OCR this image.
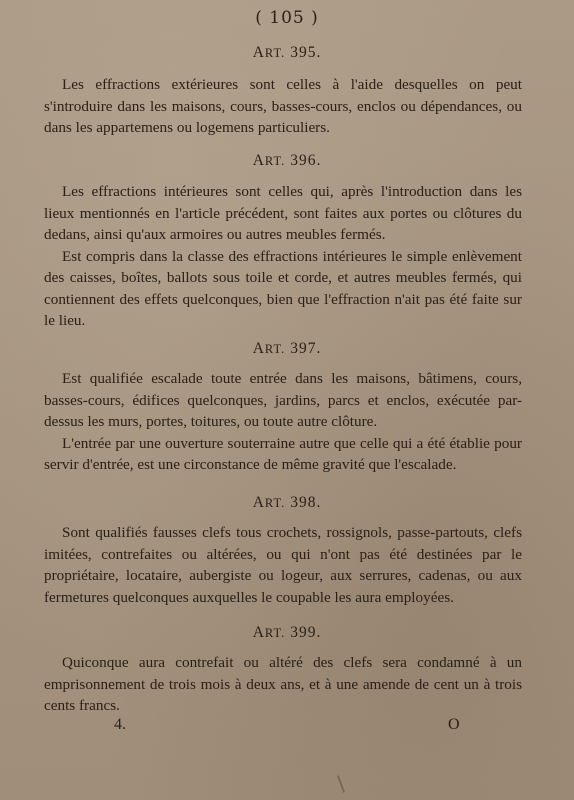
( 105 )
ART. 395.

Les effractions extérieures sont celles à l'aide desquelles on peut s'introduire dans les maisons, cours, basses-cours, enclos ou dépendances, ou dans les appartemens ou logemens particuliers.

ART. 396.

Les effractions intérieures sont celles qui, après l'introduction dans les lieux mentionnés en l'article précédent, sont faites aux portes ou clôtures du dedans, ainsi qu'aux armoires ou autres meubles fermés.

Est compris dans la classe des effractions intérieures le simple enlèvement des caisses, boîtes, ballots sous toile et corde, et autres meubles fermés, qui contiennent des effets quelconques, bien que l'effraction n'ait pas été faite sur le lieu.

ART. 397.

Est qualifiée escalade toute entrée dans les maisons, bâtimens, cours, basses-cours, édifices quelconques, jardins, parcs et enclos, exécutée par-dessus les murs, portes, toitures, ou toute autre clôture.

L'entrée par une ouverture souterraine autre que celle qui a été établie pour servir d'entrée, est une circonstance de même gravité que l'escalade.

ART. 398.

Sont qualifiés fausses clefs tous crochets, rossignols, passe-partouts, clefs imitées, contrefaites ou altérées, ou qui n'ont pas été destinées par le propriétaire, locataire, aubergiste ou logeur, aux serrures, cadenas, ou aux fermetures quelconques auxquelles le coupable les aura employées.

ART. 399.

Quiconque aura contrefait ou altéré des clefs sera condamné à un emprisonnement de trois mois à deux ans, et à une amende de cent un à trois cents francs.

4.	O
